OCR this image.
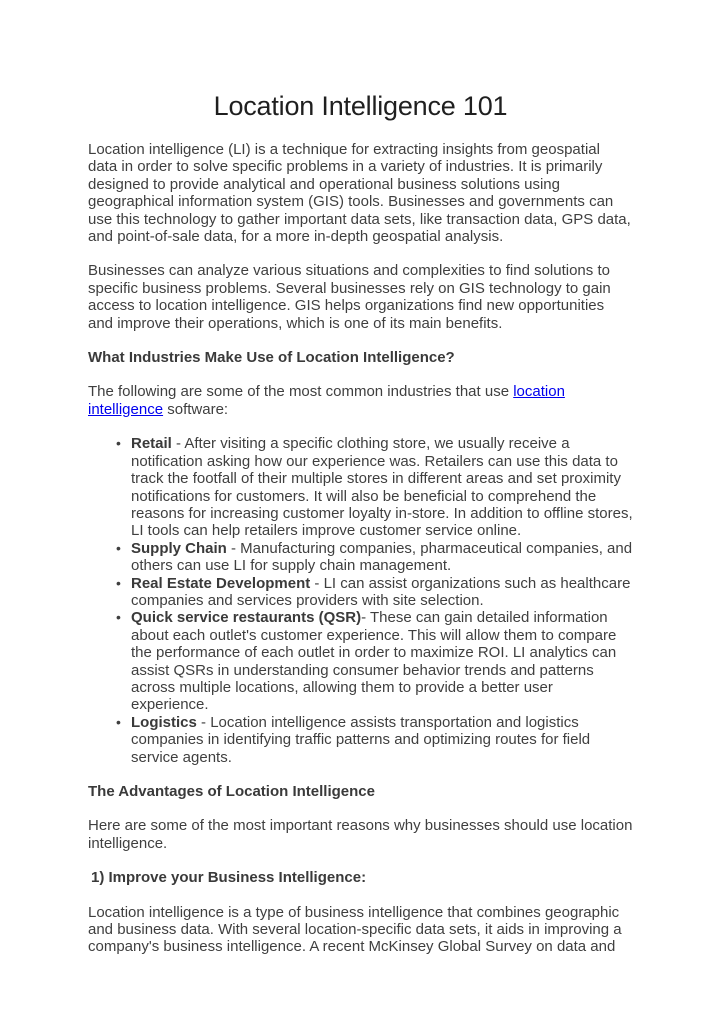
Location Intelligence 101

Location intelligence (LI) is a technique for extracting insights from geospatial data in order to solve specific problems in a variety of industries. It is primarily designed to provide analytical and operational business solutions using geographical information system (GIS) tools. Businesses and governments can use this technology to gather important data sets, like transaction data, GPS data, and point-of-sale data, for a more in-depth geospatial analysis.

Businesses can analyze various situations and complexities to find solutions to specific business problems. Several businesses rely on GIS technology to gain access to location intelligence. GIS helps organizations find new opportunities and improve their operations, which is one of its main benefits.

What Industries Make Use of Location Intelligence?

The following are some of the most common industries that use location intelligence software:

• Retail - After visiting a specific clothing store, we usually receive a notification asking how our experience was. Retailers can use this data to track the footfall of their multiple stores in different areas and set proximity notifications for customers. It will also be beneficial to comprehend the reasons for increasing customer loyalty in-store. In addition to offline stores, LI tools can help retailers improve customer service online.
• Supply Chain - Manufacturing companies, pharmaceutical companies, and others can use LI for supply chain management.
• Real Estate Development - LI can assist organizations such as healthcare companies and services providers with site selection.
• Quick service restaurants (QSR)- These can gain detailed information about each outlet's customer experience. This will allow them to compare the performance of each outlet in order to maximize ROI. LI analytics can assist QSRs in understanding consumer behavior trends and patterns across multiple locations, allowing them to provide a better user experience.
• Logistics - Location intelligence assists transportation and logistics companies in identifying traffic patterns and optimizing routes for field service agents.
The Advantages of Location Intelligence

Here are some of the most important reasons why businesses should use location intelligence.

1) Improve your Business Intelligence:

Location intelligence is a type of business intelligence that combines geographic and business data. With several location-specific data sets, it aids in improving a company's business intelligence. A recent McKinsey Global Survey on data and
